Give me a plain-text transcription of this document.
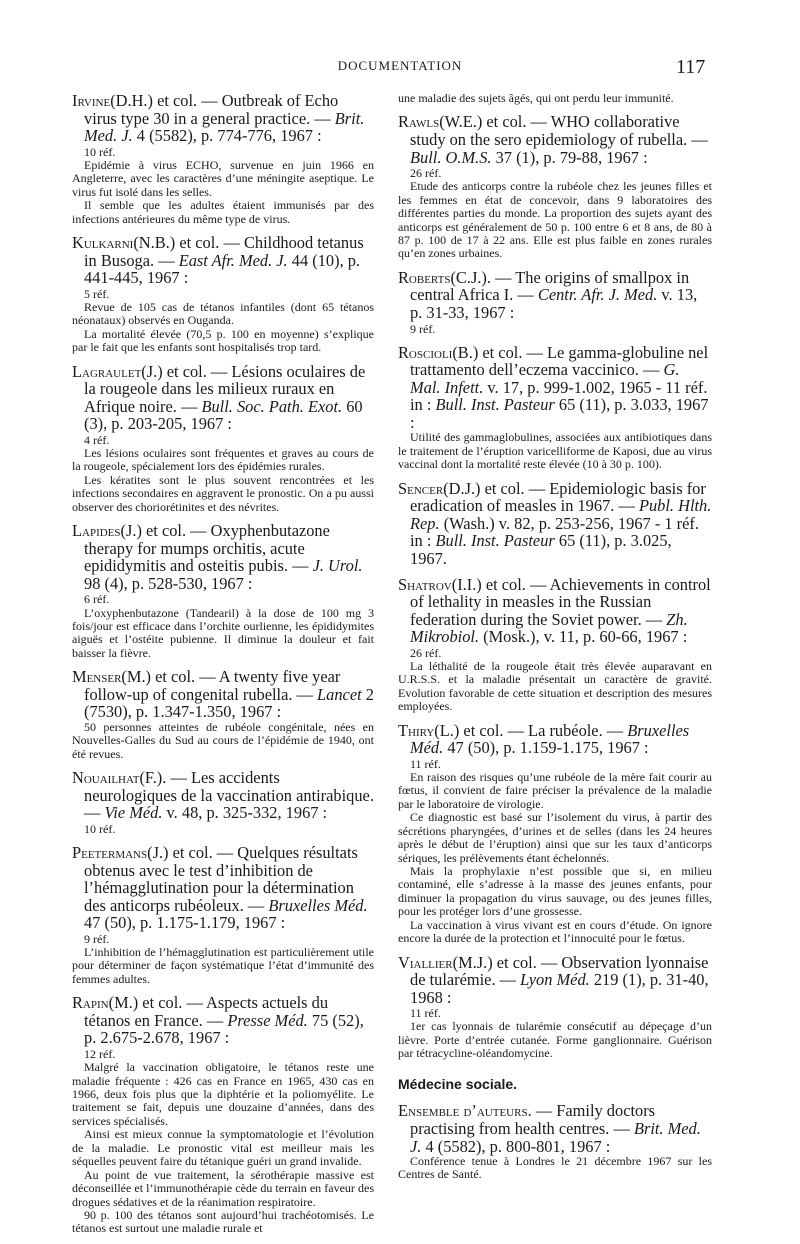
DOCUMENTATION	117
Irvine(D.H.) et col. — Outbreak of Echo virus type 30 in a general practice. — Brit. Med. J. 4 (5582), p. 774-776, 1967 :
10 réf.

Epidémie à virus ECHO, survenue en juin 1966 en Angleterre, avec les caractères d’une méningite aseptique. Le virus fut isolé dans les selles.

Il semble que les adultes étaient immunisés par des infections antérieures du même type de virus.

Kulkarni(N.B.) et col. — Childhood tetanus in Busoga. — East Afr. Med. J. 44 (10), p. 441-445, 1967 :
5 réf.

Revue de 105 cas de tétanos infantiles (dont 65 tétanos néonataux) observés en Ouganda.

La mortalité élevée (70,5 p. 100 en moyenne) s’explique par le fait que les enfants sont hospitalisés trop tard.

Lagraulet(J.) et col. — Lésions oculaires de la rougeole dans les milieux ruraux en Afrique noire. — Bull. Soc. Path. Exot. 60 (3), p. 203-205, 1967 :
4 réf.

Les lésions oculaires sont fréquentes et graves au cours de la rougeole, spécialement lors des épidémies rurales.

Les kératites sont le plus souvent rencontrées et les infections secondaires en aggravent le pronostic. On a pu aussi observer des choriorétinites et des névrites.

Lapides(J.) et col. — Oxyphenbutazone therapy for mumps orchitis, acute epididymitis and osteitis pubis. — J. Urol. 98 (4), p. 528-530, 1967 :
6 réf.

L’oxyphenbutazone (Tandearil) à la dose de 100 mg 3 fois/jour est efficace dans l’orchite ourlienne, les épididymites aiguës et l’ostéite pubienne. Il diminue la douleur et fait baisser la fièvre.

Menser(M.) et col. — A twenty five year follow-up of congenital rubella. — Lancet 2 (7530), p. 1.347-1.350, 1967 :

50 personnes atteintes de rubéole congénitale, nées en Nouvelles-Galles du Sud au cours de l’épidémie de 1940, ont été revues.

Nouailhat(F.). — Les accidents neurologiques de la vaccination antirabique. — Vie Méd. v. 48, p. 325-332, 1967 :
10 réf.
Peetermans(J.) et col. — Quelques résultats obtenus avec le test d’inhibition de l’hémagglutination pour la détermination des anticorps rubéoleux. — Bruxelles Méd. 47 (50), p. 1.175-1.179, 1967 :
9 réf.

L’inhibition de l’hémagglutination est particulièrement utile pour déterminer de façon systématique l’état d’immunité des femmes adultes.

Rapin(M.) et col. — Aspects actuels du tétanos en France. — Presse Méd. 75 (52), p. 2.675-2.678, 1967 :
12 réf.

Malgré la vaccination obligatoire, le tétanos reste une maladie fréquente : 426 cas en France en 1965, 430 cas en 1966, deux fois plus que la diphtérie et la poliomyélite. Le traitement se fait, depuis une douzaine d’années, dans des services spécialisés.

Ainsi est mieux connue la symptomatologie et l’évolution de la maladie. Le pronostic vital est meilleur mais les séquelles peuvent faire du tétanique guéri un grand invalide.

Au point de vue traitement, la sérothérapie massive est déconseillée et l’immunothérapie cède du terrain en faveur des drogues sédatives et de la réanimation respiratoire.

90 p. 100 des tétanos sont aujourd’hui trachéotomisés. Le tétanos est surtout une maladie rurale et

une maladie des sujets âgés, qui ont perdu leur immunité.

Rawls(W.E.) et col. — WHO collaborative study on the sero epidemiology of rubella. — Bull. O.M.S. 37 (1), p. 79-88, 1967 :
26 réf.

Etude des anticorps contre la rubéole chez les jeunes filles et les femmes en état de concevoir, dans 9 laboratoires des différentes parties du monde. La proportion des sujets ayant des anticorps est généralement de 50 p. 100 entre 6 et 8 ans, de 80 à 87 p. 100 de 17 à 22 ans. Elle est plus faible en zones rurales qu’en zones urbaines.

Roberts(C.J.). — The origins of smallpox in central Africa I. — Centr. Afr. J. Med. v. 13, p. 31-33, 1967 :
9 réf.
Roscioli(B.) et col. — Le gamma-globuline nel trattamento dell’eczema vaccinico. — G. Mal. Infett. v. 17, p. 999-1.002, 1965 - 11 réf. in : Bull. Inst. Pasteur 65 (11), p. 3.033, 1967 :

Utilité des gammaglobulines, associées aux antibiotiques dans le traitement de l’éruption varicelliforme de Kaposi, due au virus vaccinal dont la mortalité reste élevée (10 à 30 p. 100).

Sencer(D.J.) et col. — Epidemiologic basis for eradication of measles in 1967. — Publ. Hlth. Rep. (Wash.) v. 82, p. 253-256, 1967 - 1 réf. in : Bull. Inst. Pasteur 65 (11), p. 3.025, 1967.
Shatrov(I.I.) et col. — Achievements in control of lethality in measles in the Russian federation during the Soviet power. — Zh. Mikrobiol. (Mosk.), v. 11, p. 60-66, 1967 :
26 réf.

La léthalité de la rougeole était très élevée auparavant en U.R.S.S. et la maladie présentait un caractère de gravité. Evolution favorable de cette situation et description des mesures employées.

Thiry(L.) et col. — La rubéole. — Bruxelles Méd. 47 (50), p. 1.159-1.175, 1967 :
11 réf.

En raison des risques qu’une rubéole de la mère fait courir au fœtus, il convient de faire préciser la prévalence de la maladie par le laboratoire de virologie.

Ce diagnostic est basé sur l’isolement du virus, à partir des sécrétions pharyngées, d’urines et de selles (dans les 24 heures après le début de l’éruption) ainsi que sur les taux d’anticorps sériques, les prélèvements étant échelonnés.

Mais la prophylaxie n’est possible que si, en milieu contaminé, elle s’adresse à la masse des jeunes enfants, pour diminuer la propagation du virus sauvage, ou des jeunes filles, pour les protéger lors d’une grossesse.

La vaccination à virus vivant est en cours d’étude. On ignore encore la durée de la protection et l’innocuité pour le fœtus.

Viallier(M.J.) et col. — Observation lyonnaise de tularémie. — Lyon Méd. 219 (1), p. 31-40, 1968 :
11 réf.

1er cas lyonnais de tularémie consécutif au dépeçage d’un lièvre. Porte d’entrée cutanée. Forme ganglionnaire. Guérison par tétracycline-oléandomycine.

Médecine sociale.
Ensemble d’auteurs. — Family doctors practising from health centres. — Brit. Med. J. 4 (5582), p. 800-801, 1967 :

Conférence tenue à Londres le 21 décembre 1967 sur les Centres de Santé.
